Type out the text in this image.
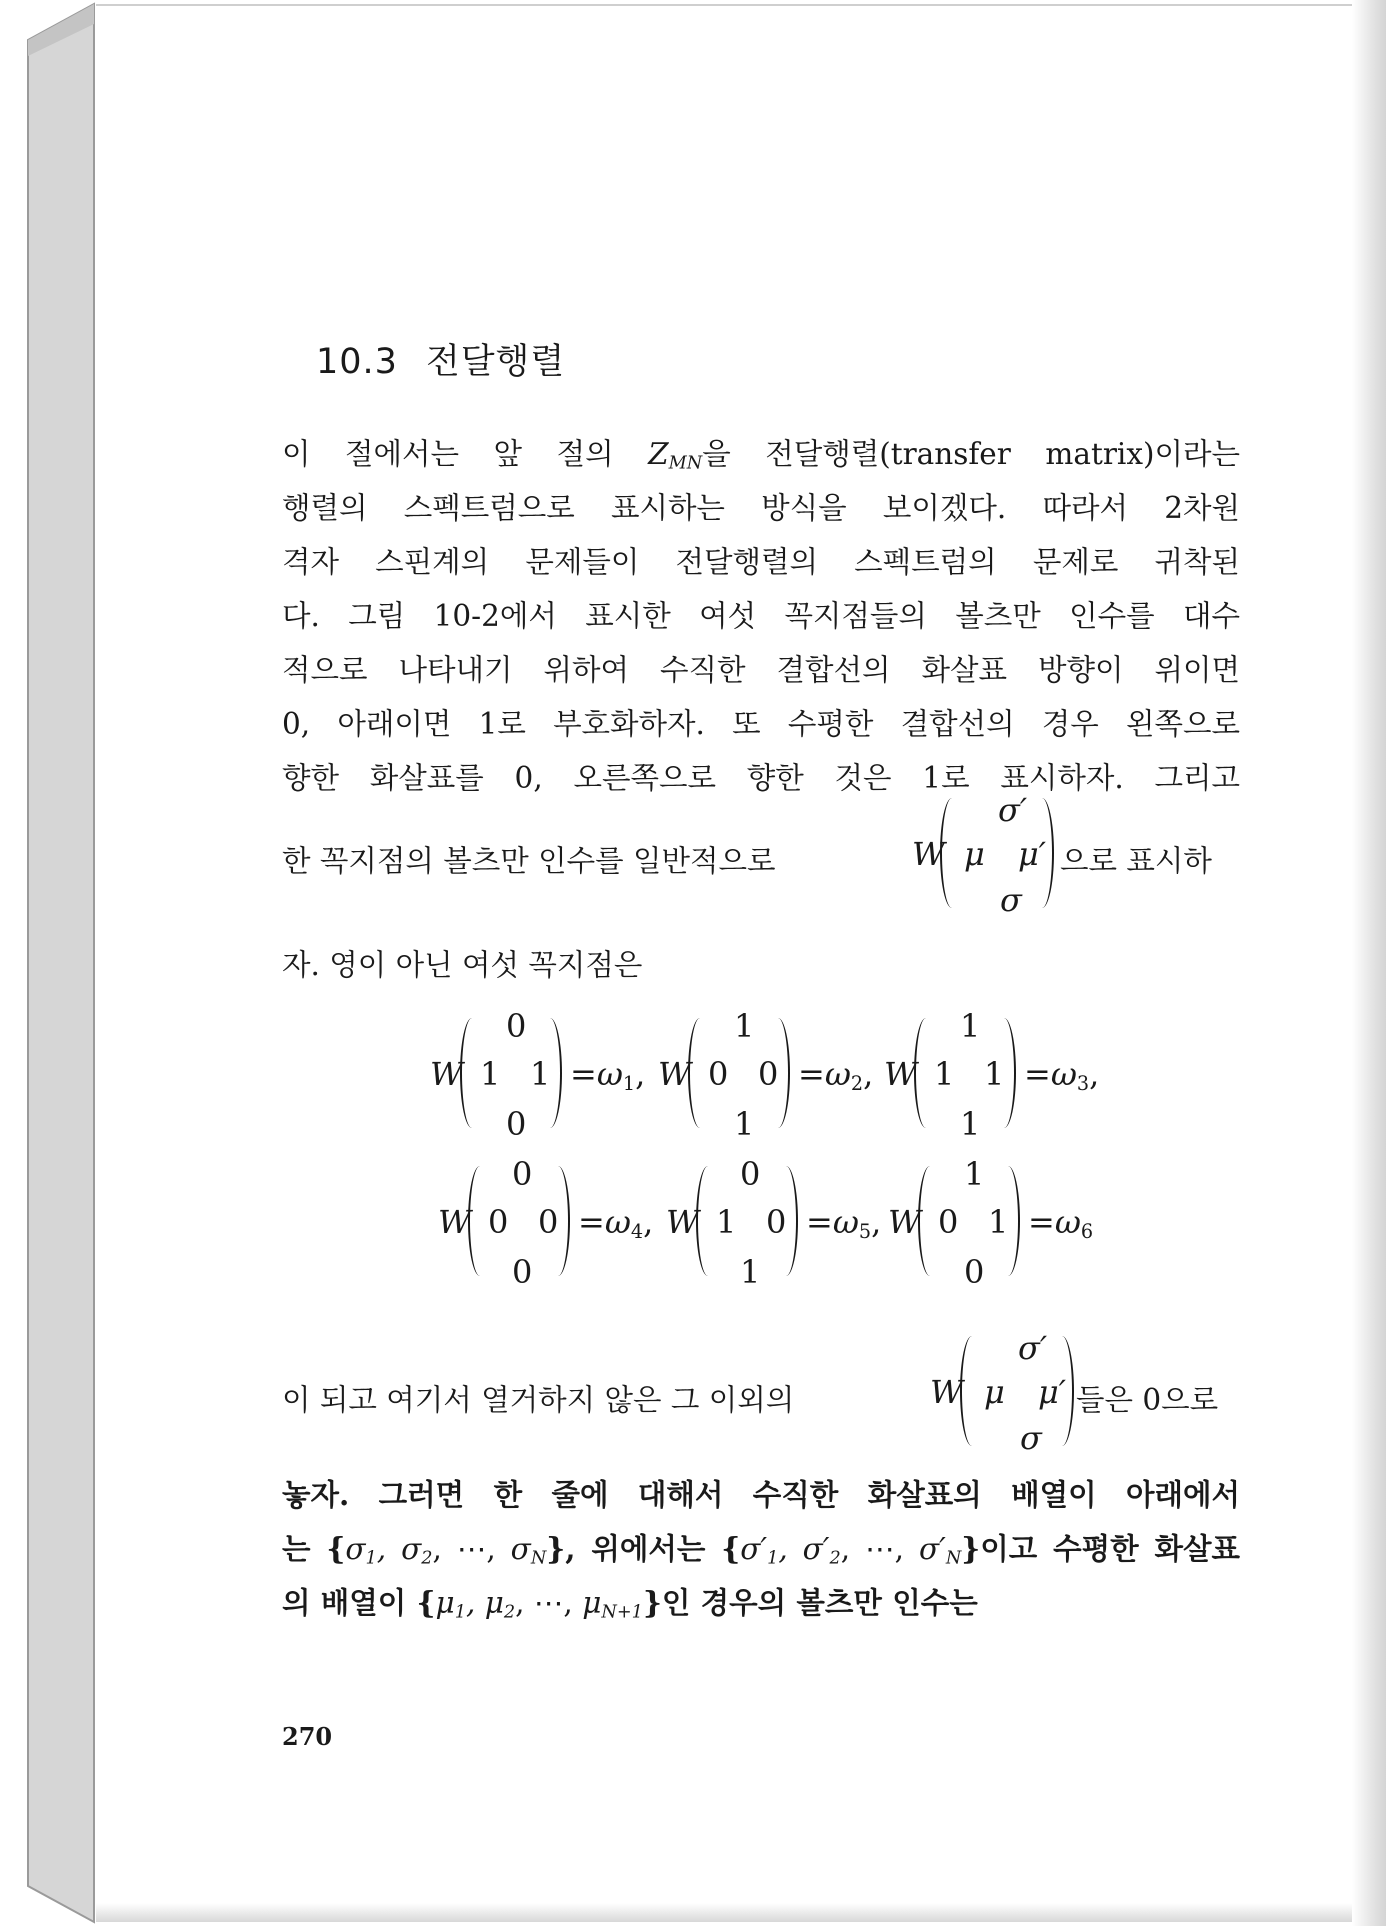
10.3 전달행렬
이 절에서는 앞 절의 $Z_{MN}$을 전달행렬(transfer matrix)이라는
행렬의 스펙트럼으로 표시하는 방식을 보이겠다. 따라서 2차원
격자 스핀계의 문제들이 전달행렬의 스펙트럼의 문제로 귀착된
다. 그림 10-2에서 표시한 여섯 꼭지점들의 볼츠만 인수를 대수
적으로 나타내기 위하여 수직한 결합선의 화살표 방향이 위이면
0, 아래이면 1로 부호화하자. 또 수평한 결합선의 경우 왼쪽으로
향한 화살표를 0, 오른쪽으로 향한 것은 1로 표시하자. 그리고
한 꼭지점의 볼츠만 인수를 일반적으로	W
σ′
μ μ′
σ
으로 표시하
자. 영이 아닌 여섯 꼭지점은
W
0
1 1
0
$=\omega_1$, W
1
0 0
1
$=\omega_2$, W
1
1 1
1
$=\omega_3$,
W
0
0 0
0
$=\omega_4$, W
0
1 0
1
$=\omega_5$, W
1
0 1
0
$=\omega_6$
이 되고 여기서 열거하지 않은 그 이외의	W
σ′
μ μ′
σ
들은 0으로
놓자. 그러면 한 줄에 대해서 수직한 화살표의 배열이 아래에서
는 {$\sigma_1$, $\sigma_2$, ⋯, $\sigma_N$}, 위에서는 {$\sigma'_1$, $\sigma'_2$, ⋯, $\sigma'_N$}이고 수평한 화살표
의 배열이 {$\mu_1$, $\mu_2$, ⋯, $\mu_{N+1}$}인 경우의 볼츠만 인수는
270
